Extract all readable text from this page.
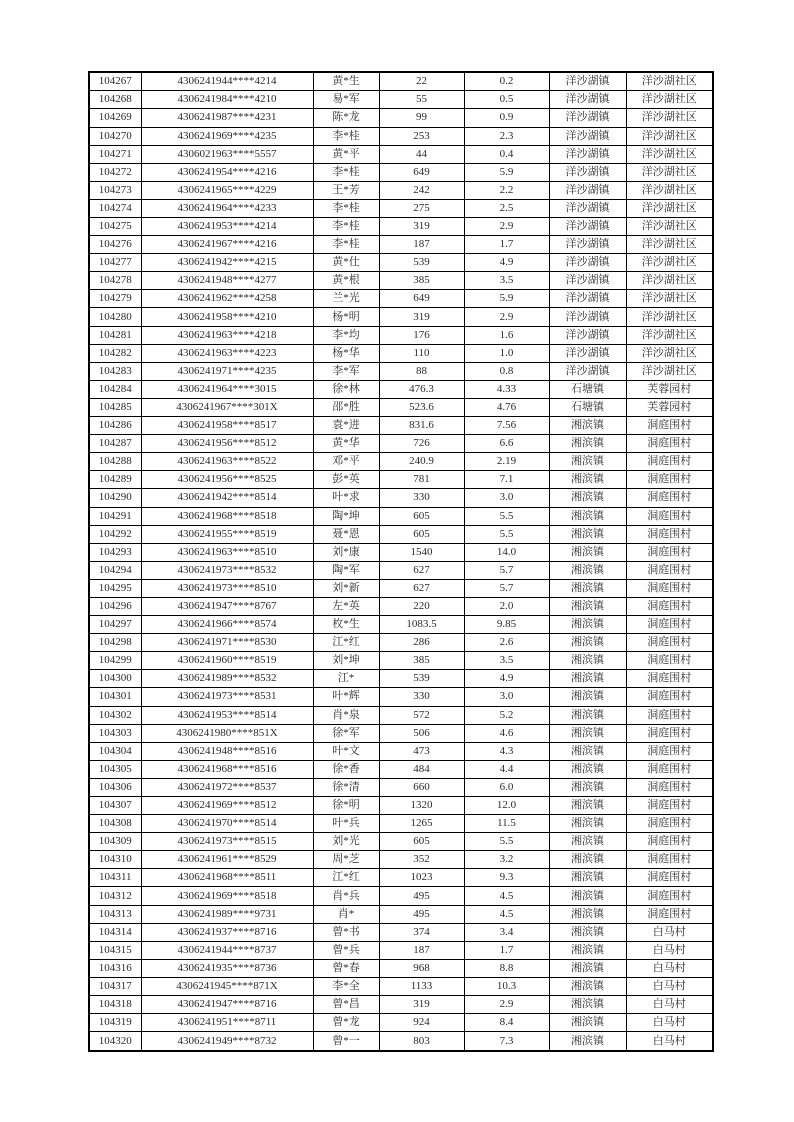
104267	4306241944****4214	黄*生	22	0.2	洋沙湖镇	洋沙湖社区
104268	4306241984****4210	易*军	55	0.5	洋沙湖镇	洋沙湖社区
104269	4306241987****4231	陈*龙	99	0.9	洋沙湖镇	洋沙湖社区
104270	4306241969****4235	李*桂	253	2.3	洋沙湖镇	洋沙湖社区
104271	4306021963****5557	黄*平	44	0.4	洋沙湖镇	洋沙湖社区
104272	4306241954****4216	李*桂	649	5.9	洋沙湖镇	洋沙湖社区
104273	4306241965****4229	王*芳	242	2.2	洋沙湖镇	洋沙湖社区
104274	4306241964****4233	李*桂	275	2.5	洋沙湖镇	洋沙湖社区
104275	4306241953****4214	李*桂	319	2.9	洋沙湖镇	洋沙湖社区
104276	4306241967****4216	李*桂	187	1.7	洋沙湖镇	洋沙湖社区
104277	4306241942****4215	黄*仕	539	4.9	洋沙湖镇	洋沙湖社区
104278	4306241948****4277	黄*根	385	3.5	洋沙湖镇	洋沙湖社区
104279	4306241962****4258	兰*光	649	5.9	洋沙湖镇	洋沙湖社区
104280	4306241958****4210	杨*明	319	2.9	洋沙湖镇	洋沙湖社区
104281	4306241963****4218	李*均	176	1.6	洋沙湖镇	洋沙湖社区
104282	4306241963****4223	杨*华	110	1.0	洋沙湖镇	洋沙湖社区
104283	4306241971****4235	李*军	88	0.8	洋沙湖镇	洋沙湖社区
104284	4306241964****3015	徐*林	476.3	4.33	石塘镇	芙蓉园村
104285	4306241967****301X	邵*胜	523.6	4.76	石塘镇	芙蓉园村
104286	4306241958****8517	袁*进	831.6	7.56	湘滨镇	洞庭围村
104287	4306241956****8512	黄*华	726	6.6	湘滨镇	洞庭围村
104288	4306241963****8522	邓*平	240.9	2.19	湘滨镇	洞庭围村
104289	4306241956****8525	彭*英	781	7.1	湘滨镇	洞庭围村
104290	4306241942****8514	叶*求	330	3.0	湘滨镇	洞庭围村
104291	4306241968****8518	陶*坤	605	5.5	湘滨镇	洞庭围村
104292	4306241955****8519	聂*恩	605	5.5	湘滨镇	洞庭围村
104293	4306241963****8510	刘*康	1540	14.0	湘滨镇	洞庭围村
104294	4306241973****8532	陶*军	627	5.7	湘滨镇	洞庭围村
104295	4306241973****8510	刘*新	627	5.7	湘滨镇	洞庭围村
104296	4306241947****8767	左*英	220	2.0	湘滨镇	洞庭围村
104297	4306241966****8574	枚*生	1083.5	9.85	湘滨镇	洞庭围村
104298	4306241971****8530	江*红	286	2.6	湘滨镇	洞庭围村
104299	4306241960****8519	刘*坤	385	3.5	湘滨镇	洞庭围村
104300	4306241989****8532	江*	539	4.9	湘滨镇	洞庭围村
104301	4306241973****8531	叶*辉	330	3.0	湘滨镇	洞庭围村
104302	4306241953****8514	肖*泉	572	5.2	湘滨镇	洞庭围村
104303	4306241980****851X	徐*军	506	4.6	湘滨镇	洞庭围村
104304	4306241948****8516	叶*文	473	4.3	湘滨镇	洞庭围村
104305	4306241968****8516	徐*香	484	4.4	湘滨镇	洞庭围村
104306	4306241972****8537	徐*清	660	6.0	湘滨镇	洞庭围村
104307	4306241969****8512	徐*明	1320	12.0	湘滨镇	洞庭围村
104308	4306241970****8514	叶*兵	1265	11.5	湘滨镇	洞庭围村
104309	4306241973****8515	刘*光	605	5.5	湘滨镇	洞庭围村
104310	4306241961****8529	周*芝	352	3.2	湘滨镇	洞庭围村
104311	4306241968****8511	江*红	1023	9.3	湘滨镇	洞庭围村
104312	4306241969****8518	肖*兵	495	4.5	湘滨镇	洞庭围村
104313	4306241989****9731	肖*	495	4.5	湘滨镇	洞庭围村
104314	4306241937****8716	曾*书	374	3.4	湘滨镇	白马村
104315	4306241944****8737	曾*兵	187	1.7	湘滨镇	白马村
104316	4306241935****8736	曾*春	968	8.8	湘滨镇	白马村
104317	4306241945****871X	李*全	1133	10.3	湘滨镇	白马村
104318	4306241947****8716	曾*昌	319	2.9	湘滨镇	白马村
104319	4306241951****8711	曾*龙	924	8.4	湘滨镇	白马村
104320	4306241949****8732	曾*一	803	7.3	湘滨镇	白马村
